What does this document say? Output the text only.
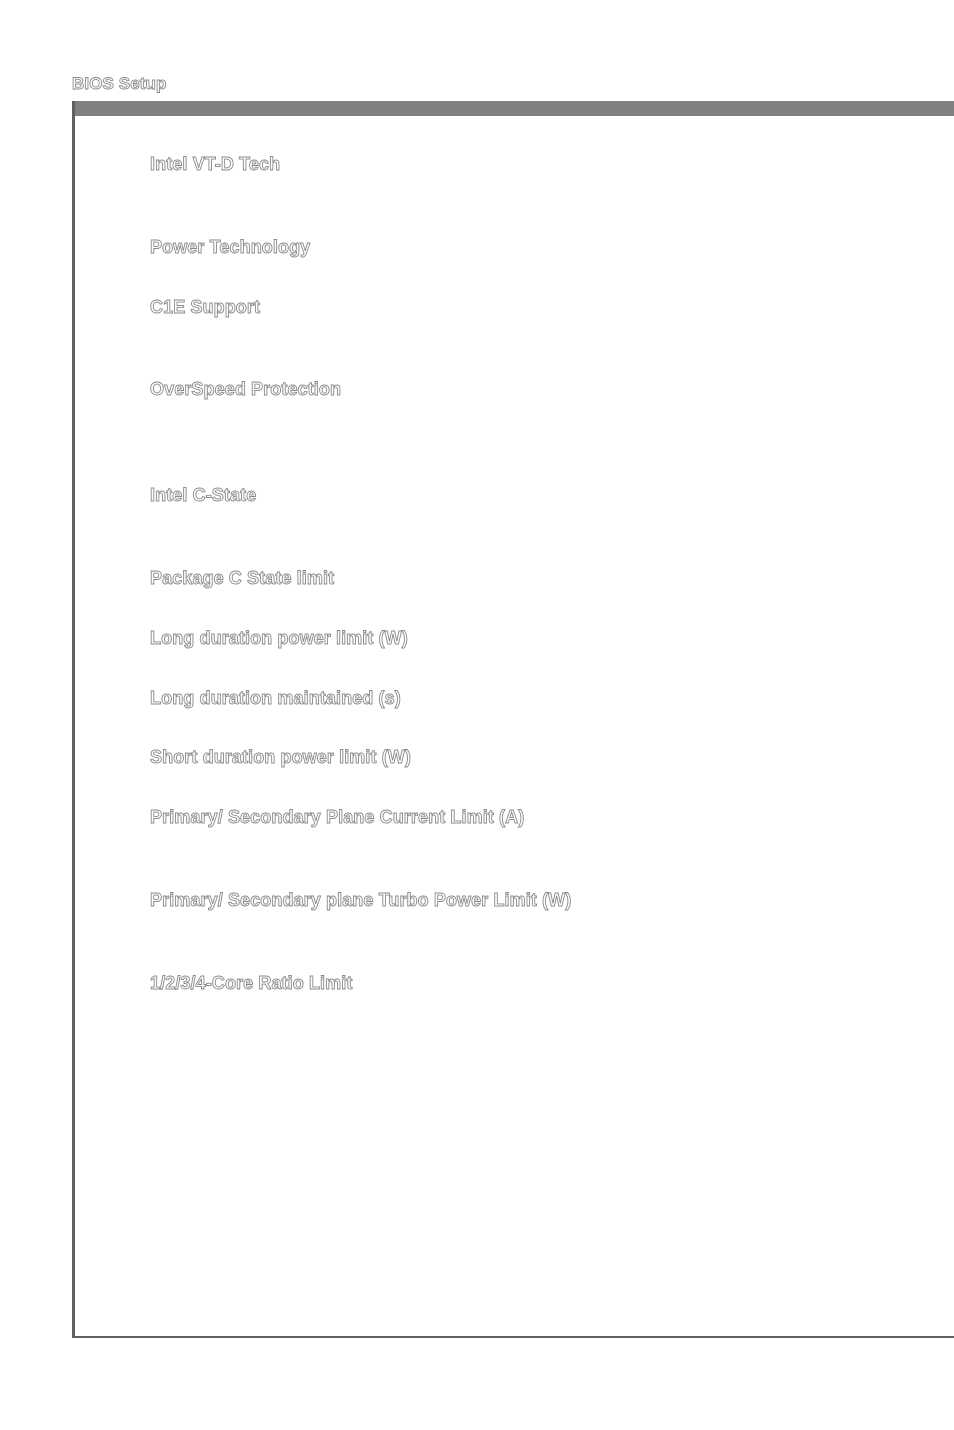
BIOS Setup
Intel VT-D Tech
Power Technology
C1E Support
OverSpeed Protection
Intel C-State
Package C State limit
Long duration power limit (W)
Long duration maintained (s)
Short duration power limit (W)
Primary/ Secondary Plane Current Limit (A)
Primary/ Secondary plane Turbo Power Limit (W)
1/2/3/4-Core Ratio Limit
